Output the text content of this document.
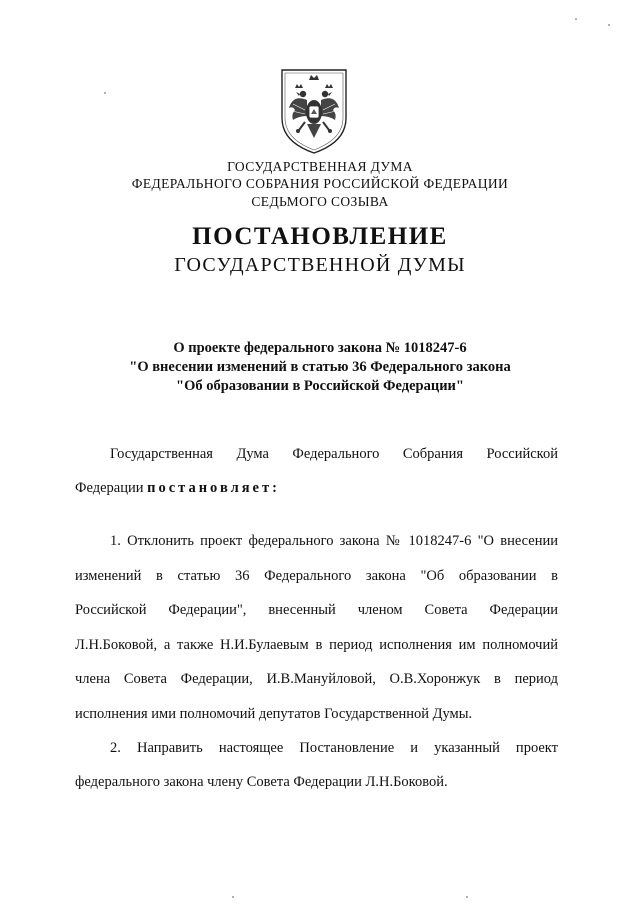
ГОСУДАРСТВЕННАЯ ДУМА
ФЕДЕРАЛЬНОГО СОБРАНИЯ РОССИЙСКОЙ ФЕДЕРАЦИИ
СЕДЬМОГО СОЗЫВА
ПОСТАНОВЛЕНИЕ
ГОСУДАРСТВЕННОЙ ДУМЫ
О проекте федерального закона № 1018247-6
"О внесении изменений в статью 36 Федерального закона
"Об образовании в Российской Федерации"
Государственная Дума Федерального Собрания Российской
Федерации постановляет:
1. Отклонить проект федерального закона № 1018247-6 "О внесении
изменений в статью 36 Федерального закона "Об образовании в
Российской Федерации", внесенный членом Совета Федерации
Л.Н.Боковой, а также Н.И.Булаевым в период исполнения им полномочий
члена Совета Федерации, И.В.Мануйловой, О.В.Хоронжук в период
исполнения ими полномочий депутатов Государственной Думы.
2. Направить настоящее Постановление и указанный проект
федерального закона члену Совета Федерации Л.Н.Боковой.
